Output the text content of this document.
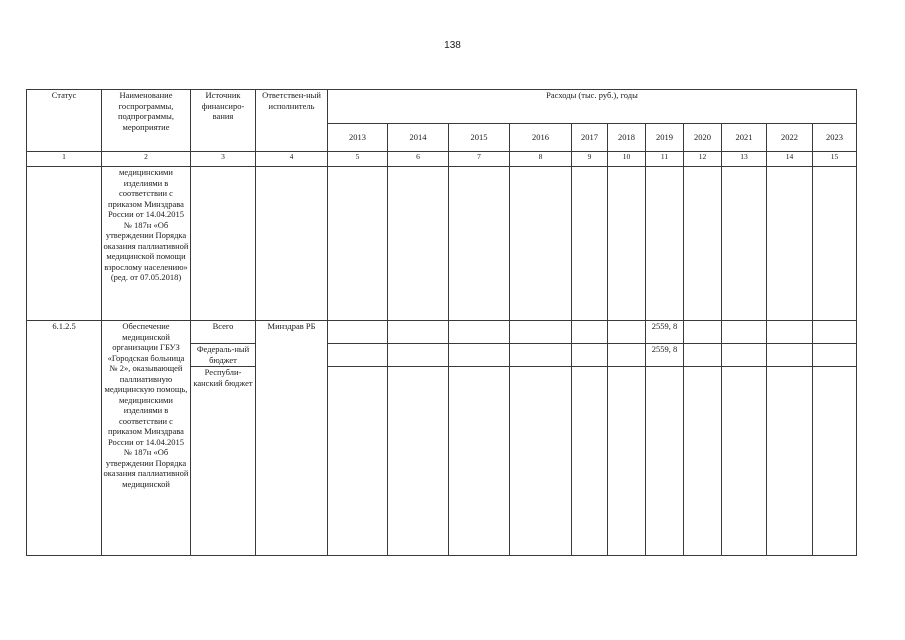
138
Статус	Наименование госпрограммы, подпрограммы, мероприятие	Источник финансиро-вания	Ответствен-ный исполнитель	Расходы (тыс. руб.), годы										
				2013	2014	2015	2016	2017	2018	2019	2020	2021	2022	2023
1	2	3	4	5	6	7	8	9	10	11	12	13	14	15
	медицинскими изделиями в соответствии с приказом Минздрава России от 14.04.2015 № 187н «Об утверждении Порядка оказания паллиативной медицинской помощи взрослому населению» (ред. от 07.05.2018)													
6.1.2.5	Обеспечение медицинской организации ГБУЗ «Городская больница № 2», оказывающей паллиативную медицинскую помощь, медицинскими изделиями в соответствии с приказом Минздрава России от 14.04.2015 № 187н «Об утверждении Порядка оказания паллиативной медицинской	Всего	Минздрав РБ							2559, 8				
		Федераль-ный бюджет								2559, 8				
		Республи-канский бюджет												
